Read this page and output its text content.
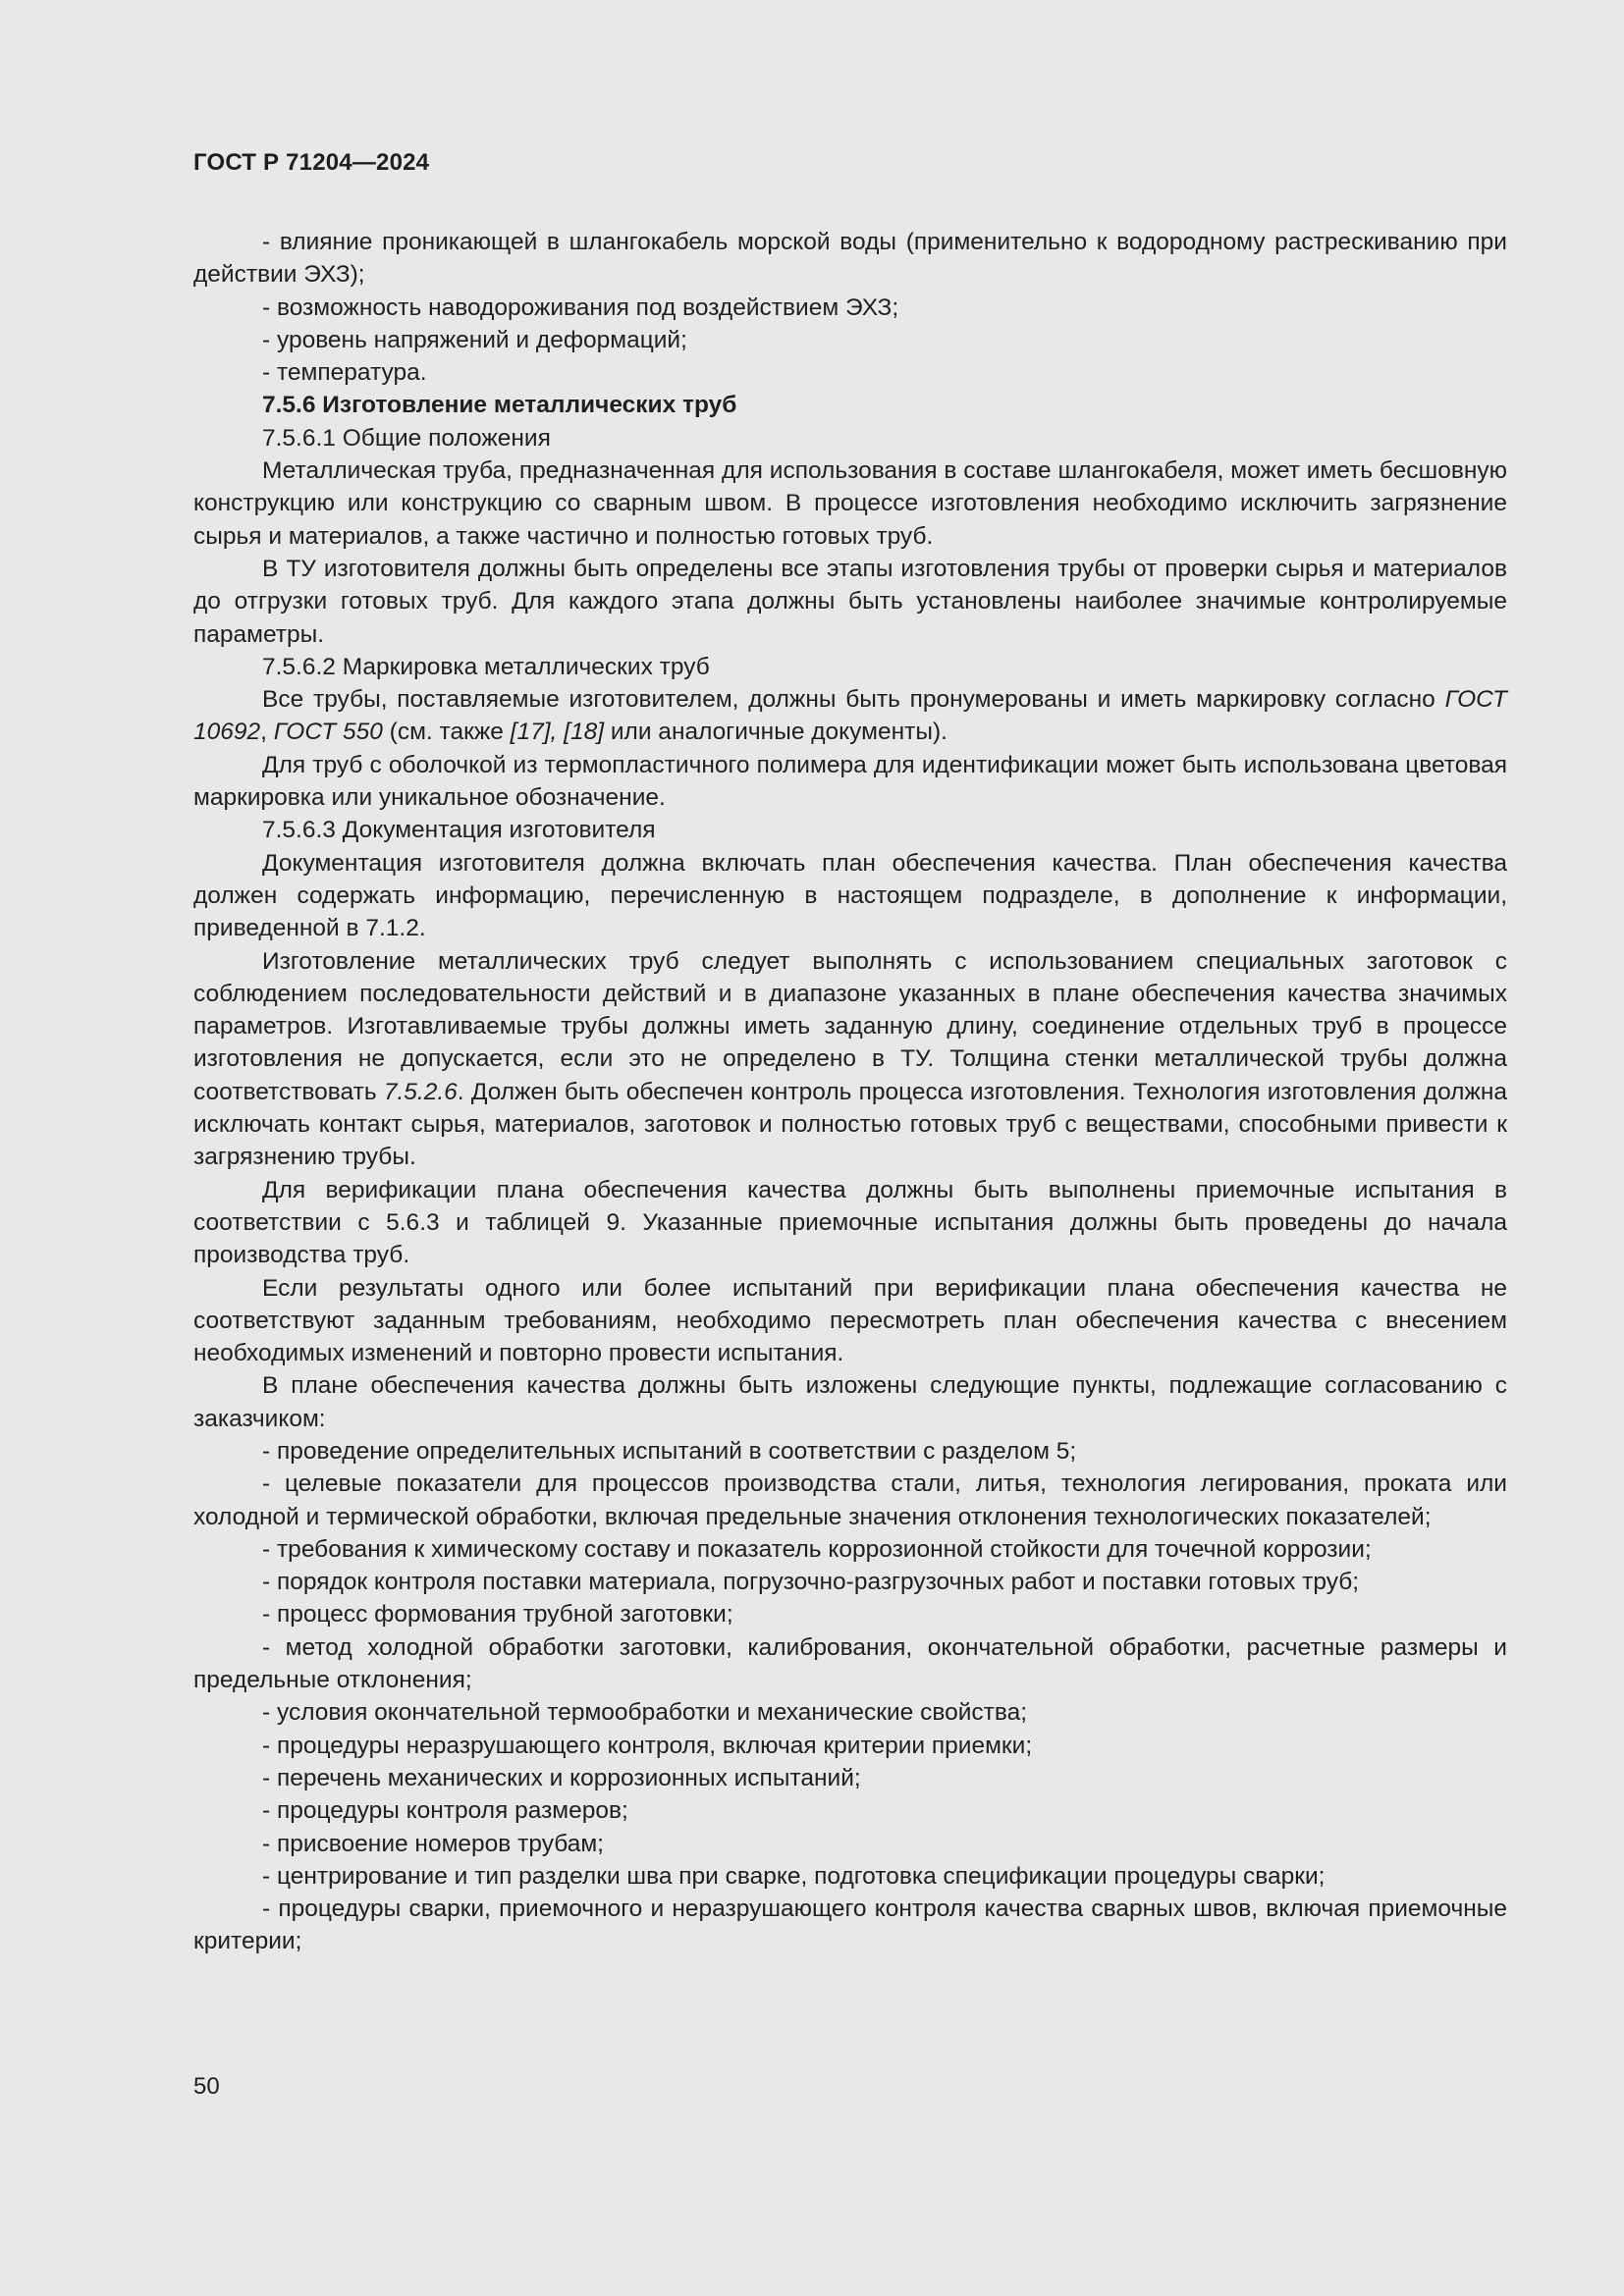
ГОСТ Р 71204—2024

- влияние проникающей в шлангокабель морской воды (применительно к водородному растрескиванию при действии ЭХЗ);

- возможность наводороживания под воздействием ЭХЗ;

- уровень напряжений и деформаций;

- температура.

7.5.6 Изготовление металлических труб

7.5.6.1 Общие положения

Металлическая труба, предназначенная для использования в составе шлангокабеля, может иметь бесшовную конструкцию или конструкцию со сварным швом. В процессе изготовления необходимо исключить загрязнение сырья и материалов, а также частично и полностью готовых труб.

В ТУ изготовителя должны быть определены все этапы изготовления трубы от проверки сырья и материалов до отгрузки готовых труб. Для каждого этапа должны быть установлены наиболее значимые контролируемые параметры.

7.5.6.2 Маркировка металлических труб

Все трубы, поставляемые изготовителем, должны быть пронумерованы и иметь маркировку согласно ГОСТ 10692, ГОСТ 550 (см. также [17], [18] или аналогичные документы).

Для труб с оболочкой из термопластичного полимера для идентификации может быть использована цветовая маркировка или уникальное обозначение.

7.5.6.3 Документация изготовителя

Документация изготовителя должна включать план обеспечения качества. План обеспечения качества должен содержать информацию, перечисленную в настоящем подразделе, в дополнение к информации, приведенной в 7.1.2.

Изготовление металлических труб следует выполнять с использованием специальных заготовок с соблюдением последовательности действий и в диапазоне указанных в плане обеспечения качества значимых параметров. Изготавливаемые трубы должны иметь заданную длину, соединение отдельных труб в процессе изготовления не допускается, если это не определено в ТУ. Толщина стенки металлической трубы должна соответствовать 7.5.2.6. Должен быть обеспечен контроль процесса изготовления. Технология изготовления должна исключать контакт сырья, материалов, заготовок и полностью готовых труб с веществами, способными привести к загрязнению трубы.

Для верификации плана обеспечения качества должны быть выполнены приемочные испытания в соответствии с 5.6.3 и таблицей 9. Указанные приемочные испытания должны быть проведены до начала производства труб.

Если результаты одного или более испытаний при верификации плана обеспечения качества не соответствуют заданным требованиям, необходимо пересмотреть план обеспечения качества с внесением необходимых изменений и повторно провести испытания.

В плане обеспечения качества должны быть изложены следующие пункты, подлежащие согласованию с заказчиком:

- проведение определительных испытаний в соответствии с разделом 5;

- целевые показатели для процессов производства стали, литья, технология легирования, проката или холодной и термической обработки, включая предельные значения отклонения технологических показателей;

- требования к химическому составу и показатель коррозионной стойкости для точечной коррозии;

- порядок контроля поставки материала, погрузочно-разгрузочных работ и поставки готовых труб;

- процесс формования трубной заготовки;

- метод холодной обработки заготовки, калибрования, окончательной обработки, расчетные размеры и предельные отклонения;

- условия окончательной термообработки и механические свойства;

- процедуры неразрушающего контроля, включая критерии приемки;

- перечень механических и коррозионных испытаний;

- процедуры контроля размеров;

- присвоение номеров трубам;

- центрирование и тип разделки шва при сварке, подготовка спецификации процедуры сварки;

- процедуры сварки, приемочного и неразрушающего контроля качества сварных швов, включая приемочные критерии;

50
